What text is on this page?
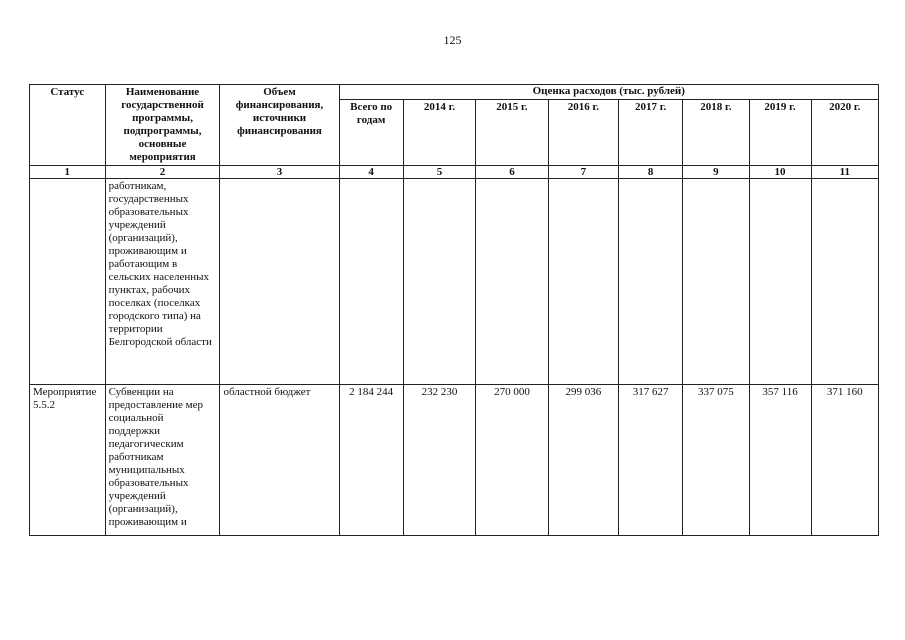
125
Статус	Наименование государственной программы, подпрограммы, основные мероприятия	Объем финансирования, источники финансирования	Оценка расходов (тыс. рублей)							
			Всего по годам	2014 г.	2015 г.	2016 г.	2017 г.	2018 г.	2019 г.	2020 г.
1	2	3	4	5	6	7	8	9	10	11
	работникам, государственных образовательных учреждений (организаций), проживающим и работающим в сельских населенных пунктах, рабочих поселках (поселках городского типа) на территории Белгородской области									
Мероприятие 5.5.2	Субвенции на предоставление мер социальной поддержки педагогическим работникам муниципальных образовательных учреждений (организаций), проживающим и	областной бюджет	2 184 244	232 230	270 000	299 036	317 627	337 075	357 116	371 160
